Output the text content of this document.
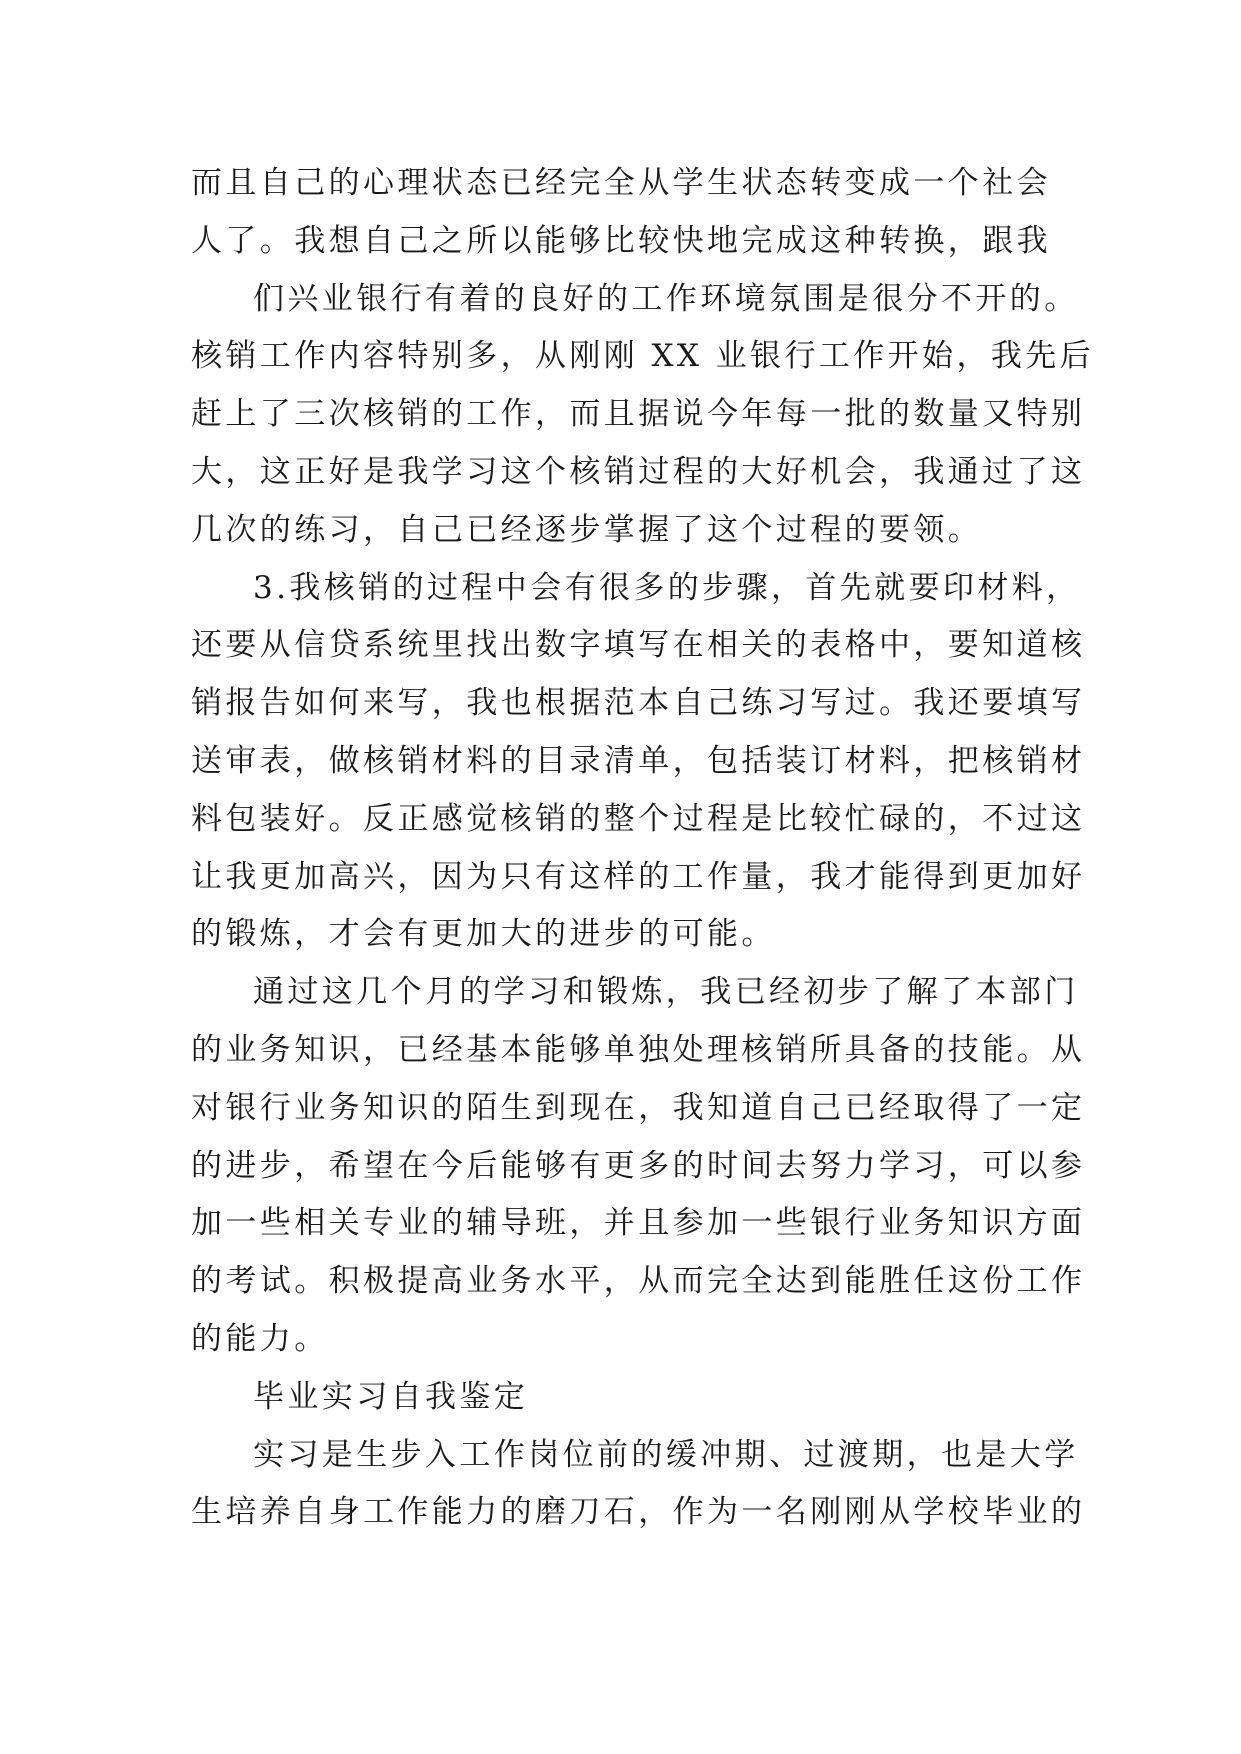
而且自己的心理状态已经完全从学生状态转变成一个社会
人了。我想自己之所以能够比较快地完成这种转换，跟我
们兴业银行有着的良好的工作环境氛围是很分不开的。
核销工作内容特别多，从刚刚 XX 业银行工作开始，我先后
赶上了三次核销的工作，而且据说今年每一批的数量又特别
大，这正好是我学习这个核销过程的大好机会，我通过了这
几次的练习，自己已经逐步掌握了这个过程的要领。
3.我核销的过程中会有很多的步骤，首先就要印材料，
还要从信贷系统里找出数字填写在相关的表格中，要知道核
销报告如何来写，我也根据范本自己练习写过。我还要填写
送审表，做核销材料的目录清单，包括装订材料，把核销材
料包装好。反正感觉核销的整个过程是比较忙碌的，不过这
让我更加高兴，因为只有这样的工作量，我才能得到更加好
的锻炼，才会有更加大的进步的可能。
通过这几个月的学习和锻炼，我已经初步了解了本部门
的业务知识，已经基本能够单独处理核销所具备的技能。从
对银行业务知识的陌生到现在，我知道自己已经取得了一定
的进步，希望在今后能够有更多的时间去努力学习，可以参
加一些相关专业的辅导班，并且参加一些银行业务知识方面
的考试。积极提高业务水平，从而完全达到能胜任这份工作
的能力。
毕业实习自我鉴定
实习是生步入工作岗位前的缓冲期、过渡期，也是大学
生培养自身工作能力的磨刀石，作为一名刚刚从学校毕业的
